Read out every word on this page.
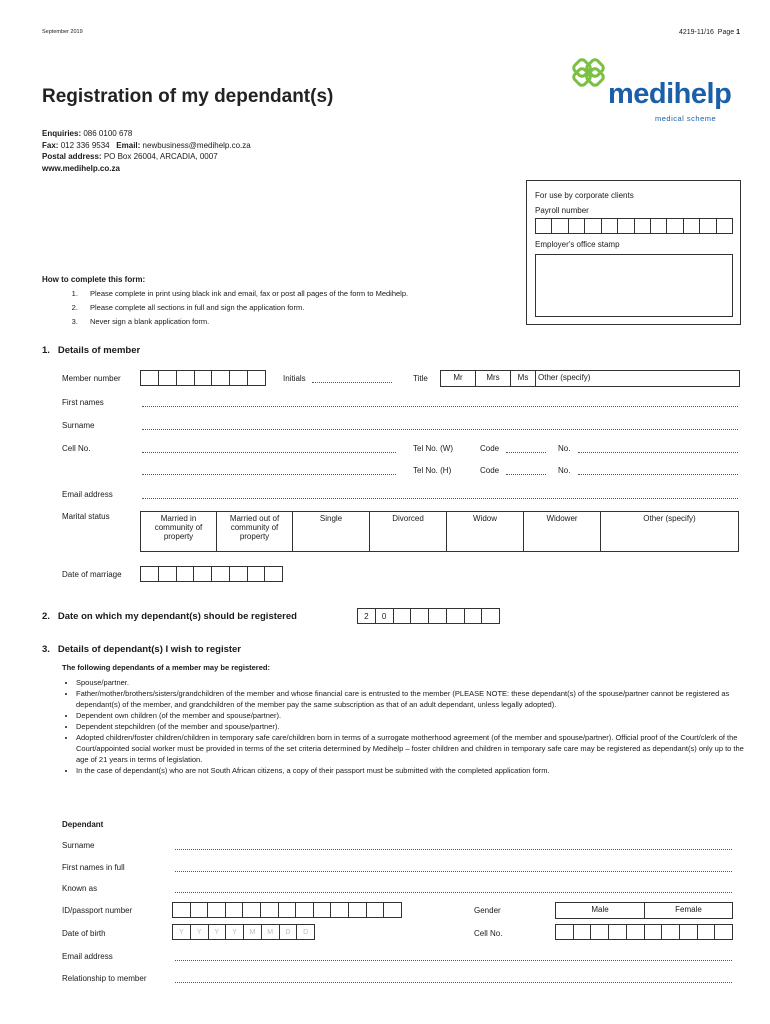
September 2019	4219-11/16 Page 1
medihelp
medical scheme
Registration of my dependant(s)
Enquiries: 086 0100 678
Fax: 012 336 9534 Email: newbusiness@medihelp.co.za
Postal address: PO Box 26004, ARCADIA, 0007
www.medihelp.co.za
For use by corporate clients
Payroll number
Employer's office stamp
How to complete this form:
1. Please complete in print using black ink and email, fax or post all pages of the form to Medihelp.
2. Please complete all sections in full and sign the application form.
3. Never sign a blank application form.
1.   Details of member
Member number	Initials	Title	Mr	Mrs	Ms	Other (specify)
First names
Surname
Cell No.	Tel No. (W)	Code	No.
Tel No. (H)	Code	No.
Email address
Marital status	Married in community of property	Married out of community of property	Single	Divorced	Widow	Widower	Other (specify)
Date of marriage
2.   Date on which my dependant(s) should be registered	2	0
3.   Details of dependant(s) I wish to register
The following dependants of a member may be registered:
• Spouse/partner.
• Father/mother/brothers/sisters/grandchildren of the member and whose financial care is entrusted to the member (PLEASE NOTE: these dependant(s) of the spouse/partner cannot be registered as dependant(s) of the member, and grandchildren of the member pay the same subscription as that of an adult dependant, unless legally adopted).
• Dependent own children (of the member and spouse/partner).
• Dependent stepchildren (of the member and spouse/partner).
• Adopted children/foster children/children in temporary safe care/children born in terms of a surrogate motherhood agreement (of the member and spouse/partner). Official proof of the Court/clerk of the Court/appointed social worker must be provided in terms of the set criteria determined by Medihelp – foster children and children in temporary safe care may be registered as dependant(s) only up to the age of 21 years in terms of legislation.
• In the case of dependant(s) who are not South African citizens, a copy of their passport must be submitted with the completed application form.
Dependant
Surname
First names in full
Known as
ID/passport number	Gender	Male	Female
Date of birth	Y	Y	Y	Y	M	M	D	D	Cell No.
Email address
Relationship to member
